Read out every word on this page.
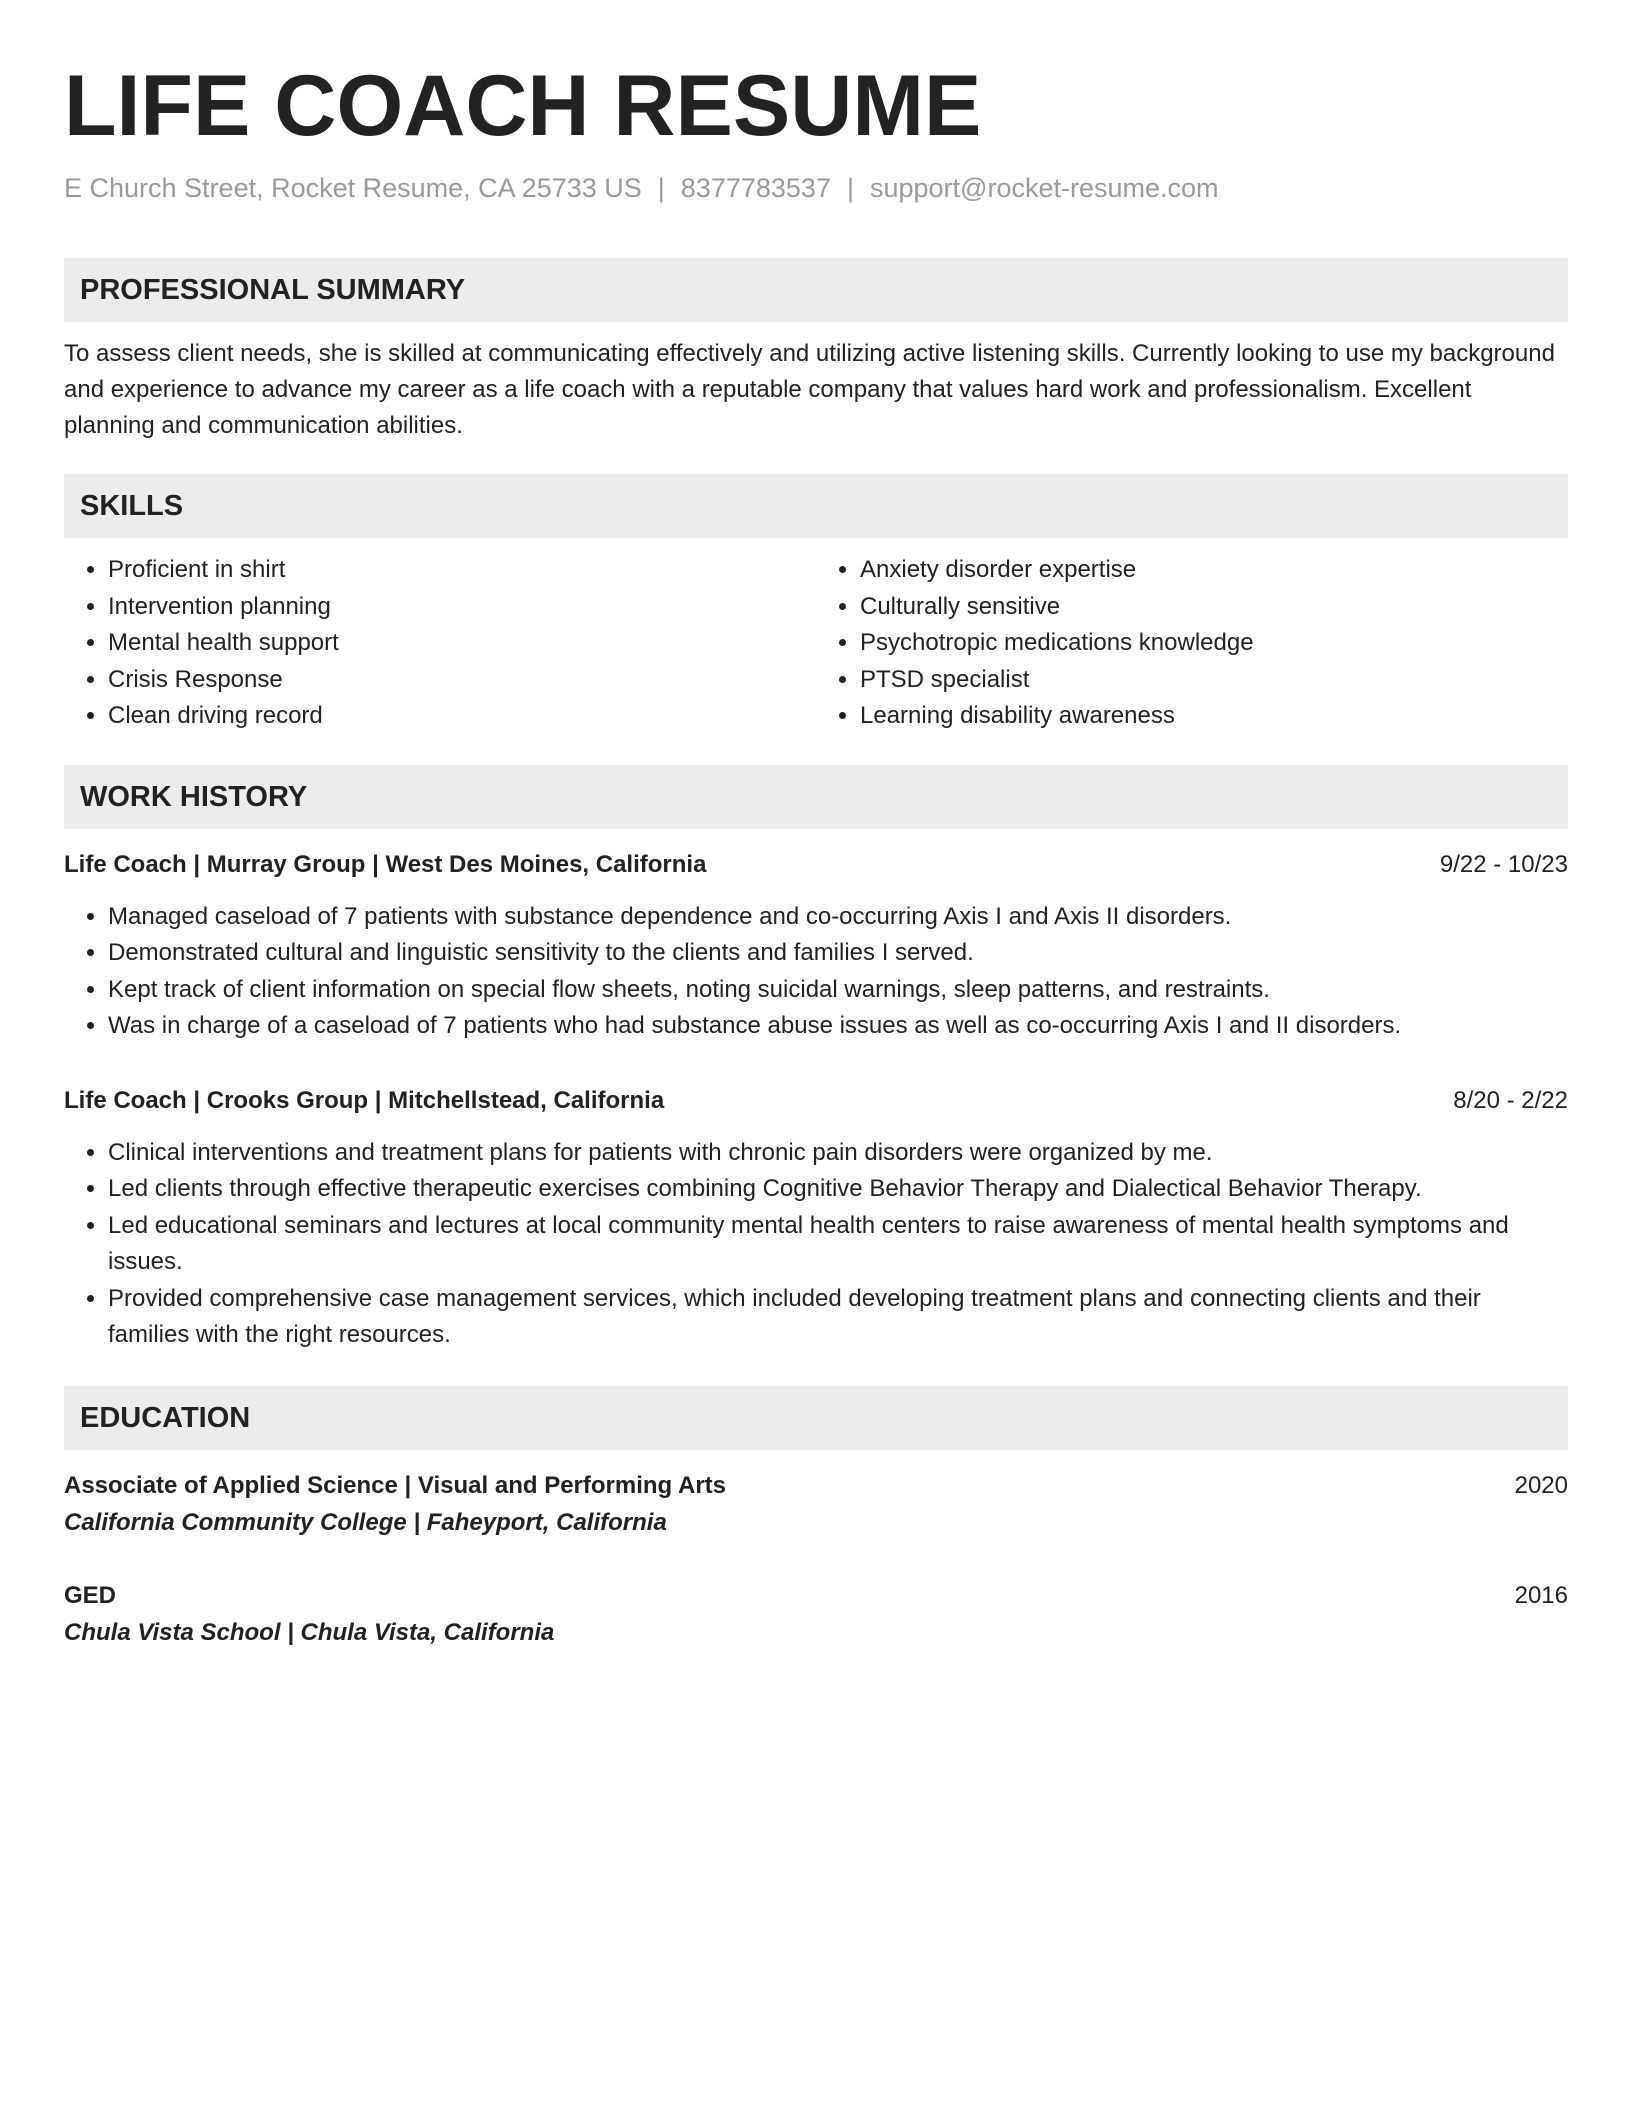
LIFE COACH RESUME
E Church Street, Rocket Resume, CA 25733 US | 8377783537 | support@rocket-resume.com
PROFESSIONAL SUMMARY

To assess client needs, she is skilled at communicating effectively and utilizing active listening skills. Currently looking to use my background and experience to advance my career as a life coach with a reputable company that values hard work and professionalism. Excellent planning and communication abilities.

SKILLS
• Proficient in shirt
• Intervention planning
• Mental health support
• Crisis Response
• Clean driving record
• Anxiety disorder expertise
• Culturally sensitive
• Psychotropic medications knowledge
• PTSD specialist
• Learning disability awareness
WORK HISTORY
Life Coach | Murray Group | West Des Moines, California	9/22 - 10/23
• Managed caseload of 7 patients with substance dependence and co-occurring Axis I and Axis II disorders.
• Demonstrated cultural and linguistic sensitivity to the clients and families I served.
• Kept track of client information on special flow sheets, noting suicidal warnings, sleep patterns, and restraints.
• Was in charge of a caseload of 7 patients who had substance abuse issues as well as co-occurring Axis I and II disorders.
Life Coach | Crooks Group | Mitchellstead, California	8/20 - 2/22
• Clinical interventions and treatment plans for patients with chronic pain disorders were organized by me.
• Led clients through effective therapeutic exercises combining Cognitive Behavior Therapy and Dialectical Behavior Therapy.
• Led educational seminars and lectures at local community mental health centers to raise awareness of mental health symptoms and issues.
• Provided comprehensive case management services, which included developing treatment plans and connecting clients and their families with the right resources.
EDUCATION
Associate of Applied Science | Visual and Performing Arts	2020
California Community College | Faheyport, California
GED	2016
Chula Vista School | Chula Vista, California
